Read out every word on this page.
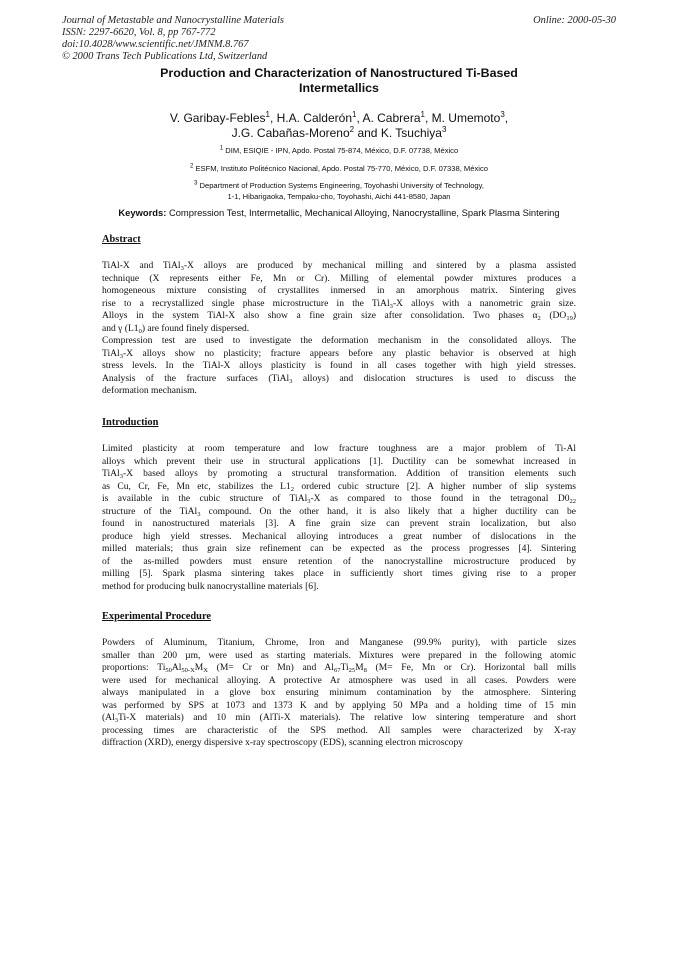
Journal of Metastable and Nanocrystalline Materials
ISSN: 2297-6620, Vol. 8, pp 767-772
doi:10.4028/www.scientific.net/JMNM.8.767
© 2000 Trans Tech Publications Ltd, Switzerland
Online: 2000-05-30
Production and Characterization of Nanostructured Ti-Based
Intermetallics
V. Garibay-Febles$^1$, H.A. Calderón$^1$, A. Cabrera$^1$, M. Umemoto$^3$,
J.G. Cabañas-Moreno$^2$ and K. Tsuchiya$^3$
$^1$ DIM, ESIQIE - IPN, Apdo. Postal 75-874, México, D.F. 07738, México
$^2$ ESFM, Instituto Politécnico Nacional, Apdo. Postal 75-770, México, D.F. 07338, México
$^3$ Department of Production Systems Engineering, Toyohashi University of Technology,
1-1, Hibarigaoka, Tempaku-cho, Toyohashi, Aichi 441-8580, Japan
Keywords: Compression Test, Intermetallic, Mechanical Alloying, Nanocrystalline, Spark Plasma Sintering
Abstract
TiAl-X and TiAl$_3$-X alloys are produced by mechanical milling and sintered by a plasma assisted
technique (X represents either Fe, Mn or Cr). Milling of elemental powder mixtures produces a
homogeneous mixture consisting of crystallites inmersed in an amorphous matrix. Sintering gives
rise to a recrystallized single phase microstructure in the TiAl$_3$-X alloys with a nanometric grain size.
Alloys in the system TiAl-X also show a fine grain size after consolidation. Two phases $\alpha_2$ $(DO_{19})$
and γ $(L1_0)$ are found finely dispersed.
Compression test are used to investigate the deformation mechanism in the consolidated alloys. The
TiAl$_3$-X alloys show no plasticity; fracture appears before any plastic behavior is observed at high
stress levels. In the TiAl-X alloys plasticity is found in all cases together with high yield stresses.
Analysis of the fracture surfaces (TiAl$_3$ alloys) and dislocation structures is used to discuss the
deformation mechanism.
Introduction
Limited plasticity at room temperature and low fracture toughness are a major problem of Ti-Al
alloys which prevent their use in structural applications [1]. Ductility can be somewhat increased in
TiAl$_3$-X based alloys by promoting a structural transformation. Addition of transition elements such
as Cu, Cr, Fe, Mn etc, stabilizes the $L1_2$ ordered cubic structure [2]. A higher number of slip systems
is available in the cubic structure of TiAl$_3$-X as compared to those found in the tetragonal $D0_{22}$
structure of the TiAl$_3$ compound. On the other hand, it is also likely that a higher ductility can be
found in nanostructured materials [3]. A fine grain size can prevent strain localization, but also
produce high yield stresses. Mechanical alloying introduces a great number of dislocations in the
milled materials; thus grain size refinement can be expected as the process progresses [4]. Sintering
of the as-milled powders must ensure retention of the nanocrystalline microstructure produced by
milling [5]. Spark plasma sintering takes place in sufficiently short times giving rise to a proper
method for producing bulk nanocrystalline materials [6].
Experimental Procedure
Powders of Aluminum, Titanium, Chrome, Iron and Manganese (99.9% purity), with particle sizes
smaller than 200 µm, were used as starting materials. Mixtures were prepared in the following atomic
proportions: $Ti_{50}Al_{50-X}M_X$ (M= Cr or Mn) and $Al_{67}Ti_{25}M_8$ (M= Fe, Mn or Cr). Horizontal ball mills
were used for mechanical alloying. A protective Ar atmosphere was used in all cases. Powders were
always manipulated in a glove box ensuring minimum contamination by the atmosphere. Sintering
was performed by SPS at 1073 and 1373 K and by applying 50 MPa and a holding time of 15 min
($Al_3Ti-X$ materials) and 10 min (AlTi-X materials). The relative low sintering temperature and short
processing times are characteristic of the SPS method. All samples were characterized by X-ray
diffraction (XRD), energy dispersive x-ray spectroscopy (EDS), scanning electron microscopy
